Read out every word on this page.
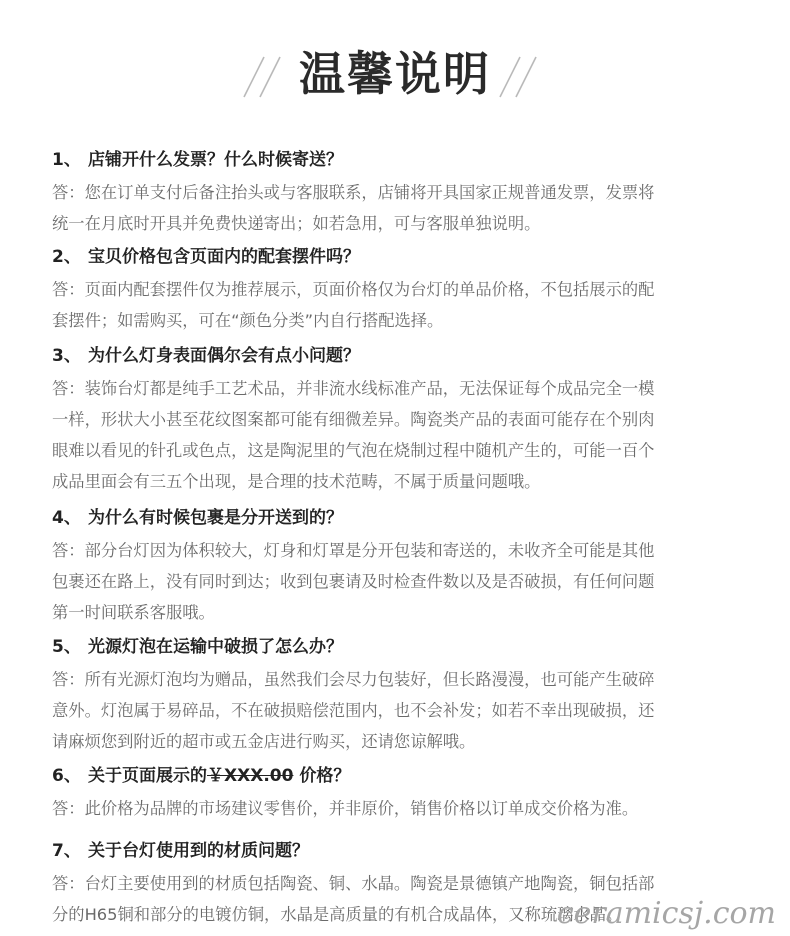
温馨说明

1、 店铺开什么发票？什么时候寄送？

答：您在订单支付后备注抬头或与客服联系，店铺将开具国家正规普通发票，发票将
统一在月底时开具并免费快递寄出；如若急用，可与客服单独说明。

2、 宝贝价格包含页面内的配套摆件吗？

答：页面内配套摆件仅为推荐展示，页面价格仅为台灯的单品价格，不包括展示的配
套摆件；如需购买，可在“颜色分类”内自行搭配选择。

3、 为什么灯身表面偶尔会有点小问题？

答：装饰台灯都是纯手工艺术品，并非流水线标准产品，无法保证每个成品完全一模
一样，形状大小甚至花纹图案都可能有细微差异。陶瓷类产品的表面可能存在个别肉
眼难以看见的针孔或色点，这是陶泥里的气泡在烧制过程中随机产生的，可能一百个
成品里面会有三五个出现，是合理的技术范畴，不属于质量问题哦。

4、 为什么有时候包裹是分开送到的？

答：部分台灯因为体积较大，灯身和灯罩是分开包装和寄送的，未收齐全可能是其他
包裹还在路上，没有同时到达；收到包裹请及时检查件数以及是否破损，有任何问题
第一时间联系客服哦。

5、 光源灯泡在运输中破损了怎么办？

答：所有光源灯泡均为赠品，虽然我们会尽力包装好，但长路漫漫，也可能产生破碎
意外。灯泡属于易碎品，不在破损赔偿范围内，也不会补发；如若不幸出现破损，还
请麻烦您到附近的超市或五金店进行购买，还请您谅解哦。

6、 关于页面展示的￥XXX.00 价格？

答：此价格为品牌的市场建议零售价，并非原价，销售价格以订单成交价格为准。

7、 关于台灯使用到的材质问题？

答：台灯主要使用到的材质包括陶瓷、铜、水晶。陶瓷是景德镇产地陶瓷，铜包括部
分的H65铜和部分的电镀仿铜，水晶是高质量的有机合成晶体，又称琉璃水晶。

ceramicsj.com
